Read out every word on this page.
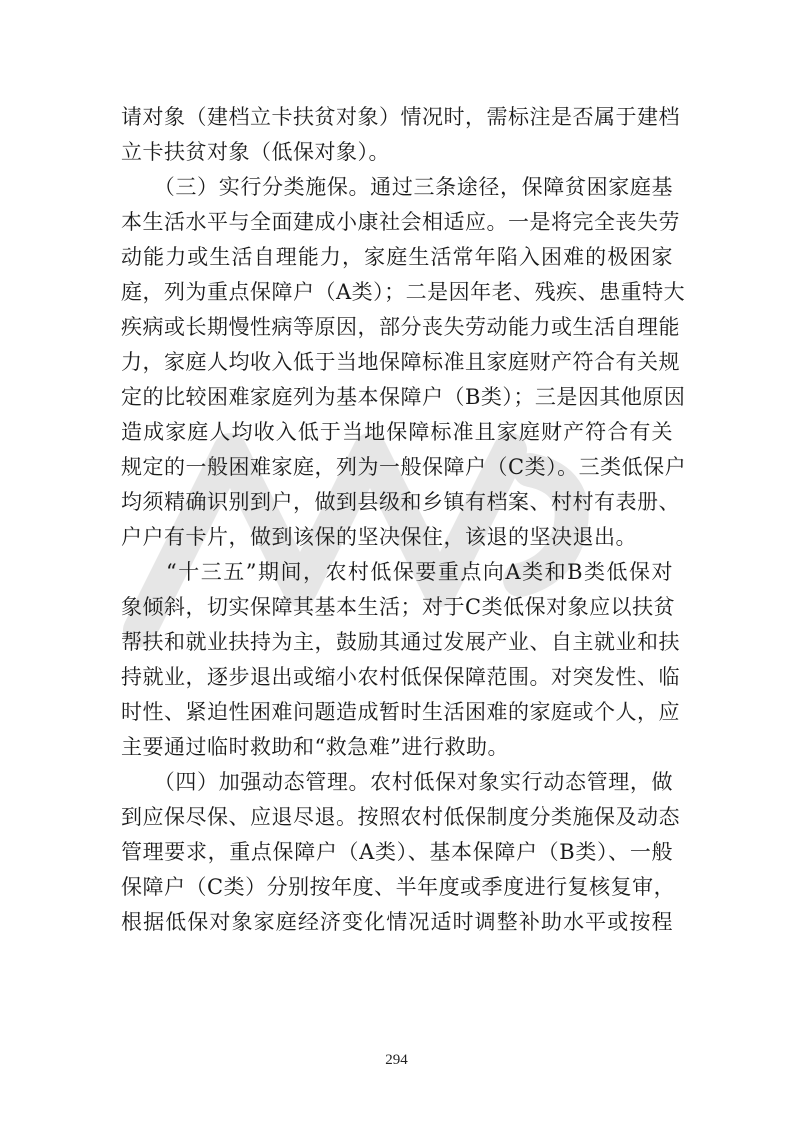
请对象（建档立卡扶贫对象）情况时，需标注是否属于建档
立卡扶贫对象（低保对象）。
　　（三）实行分类施保。通过三条途径，保障贫困家庭基
本生活水平与全面建成小康社会相适应。一是将完全丧失劳
动能力或生活自理能力，家庭生活常年陷入困难的极困家
庭，列为重点保障户（A类）；二是因年老、残疾、患重特大
疾病或长期慢性病等原因，部分丧失劳动能力或生活自理能
力，家庭人均收入低于当地保障标准且家庭财产符合有关规
定的比较困难家庭列为基本保障户（B类）；三是因其他原因
造成家庭人均收入低于当地保障标准且家庭财产符合有关
规定的一般困难家庭，列为一般保障户（C类）。三类低保户
均须精确识别到户，做到县级和乡镇有档案、村村有表册、
户户有卡片，做到该保的坚决保住，该退的坚决退出。
　　“十三五”期间，农村低保要重点向A类和B类低保对
象倾斜，切实保障其基本生活；对于C类低保对象应以扶贫
帮扶和就业扶持为主，鼓励其通过发展产业、自主就业和扶
持就业，逐步退出或缩小农村低保保障范围。对突发性、临
时性、紧迫性困难问题造成暂时生活困难的家庭或个人，应
主要通过临时救助和“救急难”进行救助。
　　（四）加强动态管理。农村低保对象实行动态管理，做
到应保尽保、应退尽退。按照农村低保制度分类施保及动态
管理要求，重点保障户（A类）、基本保障户（B类）、一般
保障户（C类）分别按年度、半年度或季度进行复核复审，
根据低保对象家庭经济变化情况适时调整补助水平或按程
294
